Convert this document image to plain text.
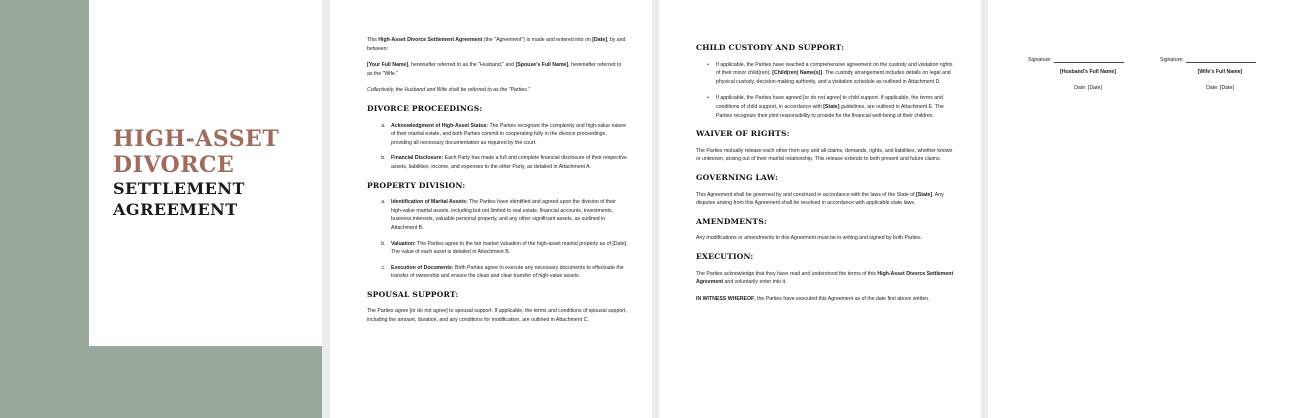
HIGH-ASSET
DIVORCE
SETTLEMENT
AGREEMENT

This High-Asset Divorce Settlement Agreement (the "Agreement") is made and entered into on [Date], by and between:

[Your Full Name], hereinafter referred to as the "Husband," and [Spouse's Full Name], hereinafter referred to as the "Wife."

Collectively, the Husband and Wife shall be referred to as the "Parties."

DIVORCE PROCEEDINGS:
a. Acknowledgment of High-Asset Status: The Parties recognize the complexity and high-value nature of their marital estate, and both Parties commit to cooperating fully in the divorce proceedings, providing all necessary documentation as required by the court.
b. Financial Disclosure: Each Party has made a full and complete financial disclosure of their respective assets, liabilities, income, and expenses to the other Party, as detailed in Attachment A.
PROPERTY DIVISION:
a. Identification of Marital Assets: The Parties have identified and agreed upon the division of their high-value marital assets, including but not limited to real estate, financial accounts, investments, business interests, valuable personal property, and any other significant assets, as outlined in Attachment B.
b. Valuation: The Parties agree to the fair market valuation of the high-asset marital property as of [Date]. The value of each asset is detailed in Attachment B.
c. Execution of Documents: Both Parties agree to execute any necessary documents to effectuate the transfer of ownership and ensure the clean and clear transfer of high-value assets.
SPOUSAL SUPPORT:

The Parties agree [or do not agree] to spousal support. If applicable, the terms and conditions of spousal support, including the amount, duration, and any conditions for modification, are outlined in Attachment C.

CHILD CUSTODY AND SUPPORT:
• If applicable, the Parties have reached a comprehensive agreement on the custody and visitation rights of their minor child(ren): [Child(ren) Name(s)]. The custody arrangement includes details on legal and physical custody, decision-making authority, and a visitation schedule as outlined in Attachment D.
• If applicable, the Parties have agreed [or do not agree] to child support. If applicable, the terms and conditions of child support, in accordance with [State] guidelines, are outlined in Attachment E. The Parties recognize their joint responsibility to provide for the financial well-being of their children.
WAIVER OF RIGHTS:

The Parties mutually release each other from any and all claims, demands, rights, and liabilities, whether known or unknown, arising out of their marital relationship. This release extends to both present and future claims.

GOVERNING LAW:

This Agreement shall be governed by and construed in accordance with the laws of the State of [State]. Any disputes arising from this Agreement shall be resolved in accordance with applicable state laws.

AMENDMENTS:

Any modifications or amendments to this Agreement must be in writing and signed by both Parties.

EXECUTION:

The Parties acknowledge that they have read and understood the terms of this High-Asset Divorce Settlement Agreement and voluntarily enter into it.

IN WITNESS WHEREOF, the Parties have executed this Agreement as of the date first above written.

Signature:
[Husband's Full Name]
Date: [Date]
Signature:
[Wife's Full Name]
Date: [Date]
